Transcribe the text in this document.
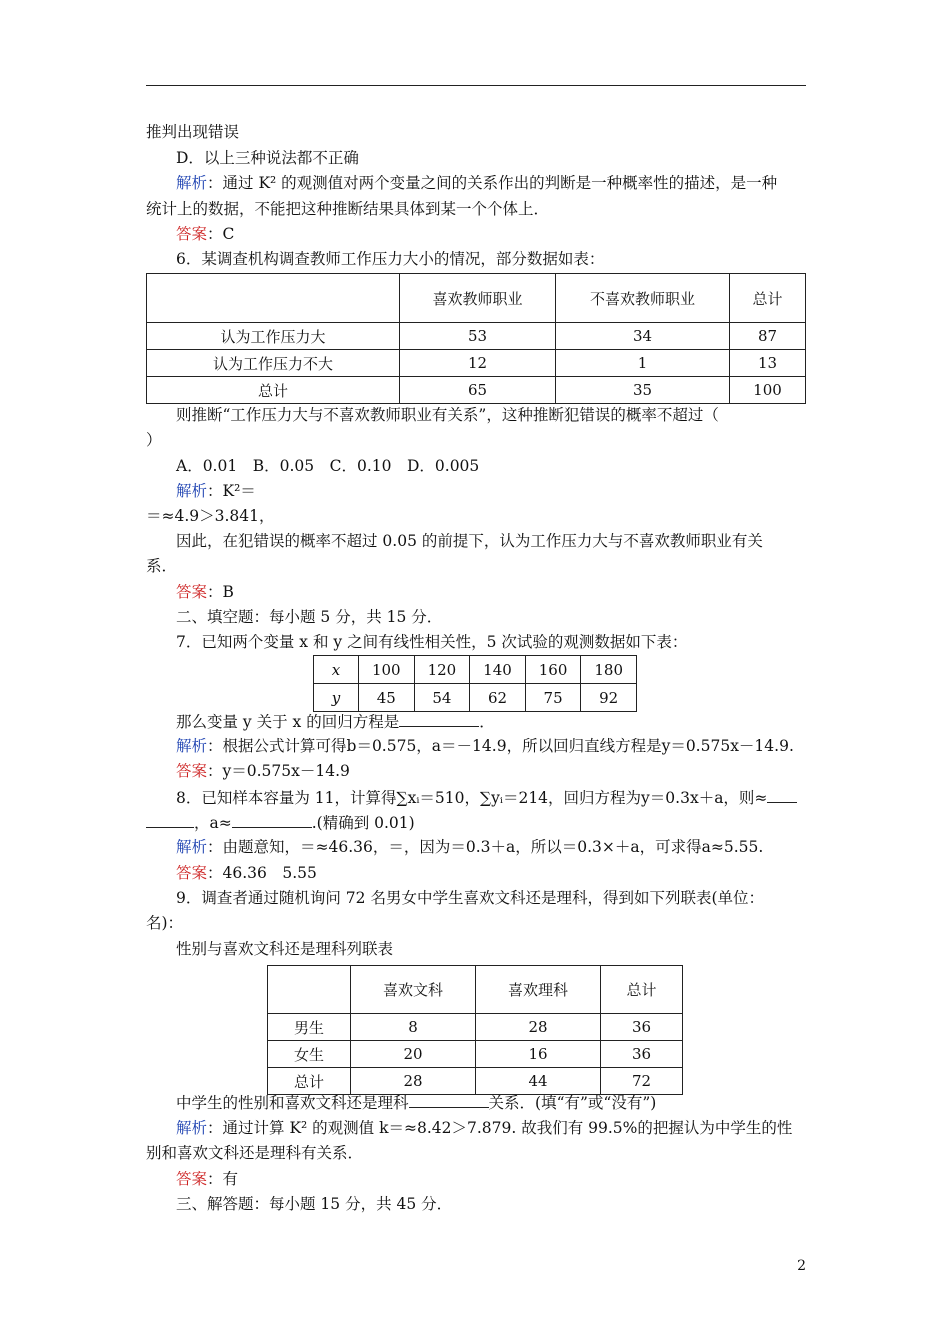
推判出现错误
D．以上三种说法都不正确
解析：通过 K² 的观测值对两个变量之间的关系作出的判断是一种概率性的描述，是一种
统计上的数据，不能把这种推断结果具体到某一个个体上．
答案：C
6．某调查机构调查教师工作压力大小的情况，部分数据如表：
	喜欢教师职业	不喜欢教师职业	总计
认为工作压力大	53	34	87
认为工作压力不大	12	1	13
总计	65	35	100
则推断“工作压力大与不喜欢教师职业有关系”，这种推断犯错误的概率不超过（
）
A．0.01　B．0.05　C．0.10　D．0.005
解析：K²＝
＝≈4.9＞3.841，
因此，在犯错误的概率不超过 0.05 的前提下，认为工作压力大与不喜欢教师职业有关
系．
答案：B
二、填空题：每小题 5 分，共 15 分．
7．已知两个变量 x 和 y 之间有线性相关性，5 次试验的观测数据如下表：
x	100	120	140	160	180
y	45	54	62	75	92
那么变量 y 关于 x 的回归方程是	．
解析：根据公式计算可得b＝0.575，a＝－14.9，所以回归直线方程是y＝0.575x－14.9.
答案：y＝0.575x－14.9
8．已知样本容量为 11，计算得∑xᵢ＝510，∑yᵢ＝214，回归方程为y＝0.3x＋a，则≈
，a≈	.(精确到 0.01)
解析：由题意知，＝≈46.36，＝，因为＝0.3＋a，所以＝0.3×＋a，可求得a≈5.55.
答案：46.36　5.55
9．调查者通过随机询问 72 名男女中学生喜欢文科还是理科，得到如下列联表(单位：
名)：
性别与喜欢文科还是理科列联表
	喜欢文科	喜欢理科	总计
男生	8	28	36
女生	20	16	36
总计	28	44	72
中学生的性别和喜欢文科还是理科	关系．(填“有”或“没有”)
解析：通过计算 K² 的观测值 k＝≈8.42＞7.879. 故我们有 99.5%的把握认为中学生的性
别和喜欢文科还是理科有关系．
答案：有
三、解答题：每小题 15 分，共 45 分．
2
